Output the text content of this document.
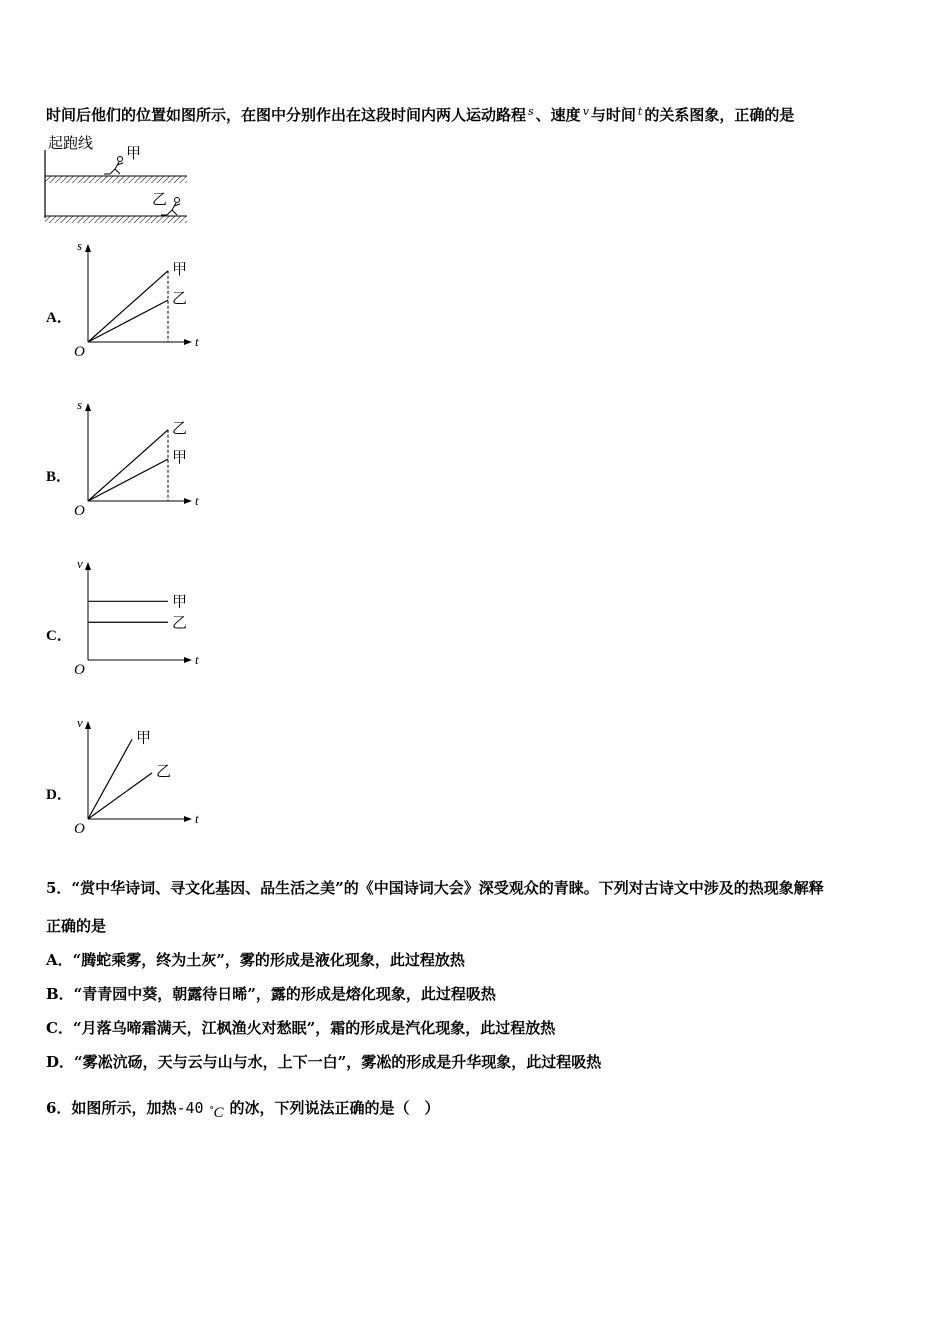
时间后他们的位置如图所示，在图中分别作出在这段时间内两人运动路程 $^s$ 、速度 $^v$ 与时间 $^t$ 的关系图象，正确的是
起跑线
甲
乙
A．
B．
C．
D．
t
s
O
甲
乙
t
s
O
乙
甲
t
v
O
甲
乙
t
v
O
甲
乙
5．“赏中华诗词、寻文化基因、品生活之美”的《中国诗词大会》深受观众的青睐。下列对古诗文中涉及的热现象解释
正确的是
A．“腾蛇乘雾，终为土灰”，雾的形成是液化现象，此过程放热
B．“青青园中葵，朝露待日晞”，露的形成是熔化现象，此过程吸热
C．“月落乌啼霜满天，江枫渔火对愁眠”，霜的形成是汽化现象，此过程放热
D．“雾凇沆砀，天与云与山与水，上下一白”，雾凇的形成是升华现象，此过程吸热
6．如图所示，加热-40 ° C 的冰，下列说法正确的是（　）
